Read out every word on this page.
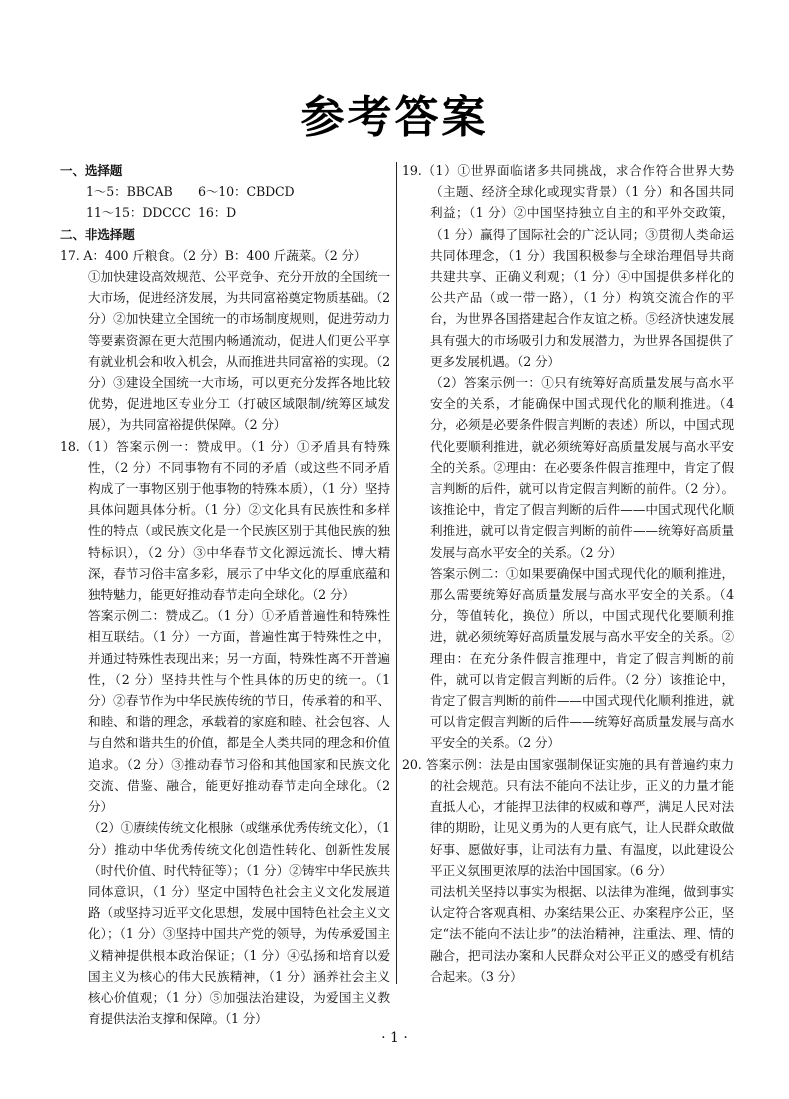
参考答案

一、选择题

1～5：BBCAB	6～10：CBDCD
11～15：DDCCC 16：D

二、非选择题

17. A：400 斤粮食。（2 分）B：400 斤蔬菜。（2 分）

①加快建设高效规范、公平竞争、充分开放的全国统一大市场，促进经济发展，为共同富裕奠定物质基础。（2 分）②加快建立全国统一的市场制度规则，促进劳动力等要素资源在更大范围内畅通流动，促进人们更公平享有就业机会和收入机会，从而推进共同富裕的实现。（2 分）③建设全国统一大市场，可以更充分发挥各地比较优势，促进地区专业分工（打破区域限制/统筹区域发展），为共同富裕提供保障。（2 分）

18.（1）答案示例一：赞成甲。（1 分）①矛盾具有特殊性，（2 分）不同事物有不同的矛盾（或这些不同矛盾构成了一事物区别于他事物的特殊本质），（1 分）坚持具体问题具体分析。（1 分）②文化具有民族性和多样性的特点（或民族文化是一个民族区别于其他民族的独特标识），（2 分）③中华春节文化源远流长、博大精深，春节习俗丰富多彩，展示了中华文化的厚重底蕴和独特魅力，能更好推动春节走向全球化。（2 分）

答案示例二：赞成乙。（1 分）①矛盾普遍性和特殊性相互联结。（1 分）一方面，普遍性寓于特殊性之中，并通过特殊性表现出来；另一方面，特殊性离不开普遍性，（2 分）坚持共性与个性具体的历史的统一。（1 分）②春节作为中华民族传统的节日，传承着的和平、和睦、和谐的理念，承载着的家庭和睦、社会包容、人与自然和谐共生的价值，都是全人类共同的理念和价值追求。（2 分）③推动春节习俗和其他国家和民族文化交流、借鉴、融合，能更好推动春节走向全球化。（2 分）

（2）①赓续传统文化根脉（或继承优秀传统文化），（1 分）推动中华优秀传统文化创造性转化、创新性发展（时代价值、时代特征等）；（1 分）②铸牢中华民族共同体意识，（1 分）坚定中国特色社会主义文化发展道路（或坚持习近平文化思想，发展中国特色社会主义文化）；（1 分）③坚持中国共产党的领导，为传承爱国主义精神提供根本政治保证；（1 分）④弘扬和培育以爱国主义为核心的伟大民族精神，（1 分）涵养社会主义核心价值观；（1 分）⑤加强法治建设，为爱国主义教育提供法治支撑和保障。（1 分）

19.（1）①世界面临诸多共同挑战，求合作符合世界大势（主题、经济全球化或现实背景）（1 分）和各国共同利益；（1 分）②中国坚持独立自主的和平外交政策，（1 分）赢得了国际社会的广泛认同；③贯彻人类命运共同体理念，（1 分）我国积极参与全球治理倡导共商共建共享、正确义利观；（1 分）④中国提供多样化的公共产品（或一带一路），（1 分）构筑交流合作的平台，为世界各国搭建起合作友谊之桥。⑤经济快速发展具有强大的市场吸引力和发展潜力，为世界各国提供了更多发展机遇。（2 分）

（2）答案示例一：①只有统筹好高质量发展与高水平安全的关系，才能确保中国式现代化的顺利推进。（4 分，必须是必要条件假言判断的表述）所以，中国式现代化要顺利推进，就必须统筹好高质量发展与高水平安全的关系。②理由：在必要条件假言推理中，肯定了假言判断的后件，就可以肯定假言判断的前件。（2 分）。该推论中，肯定了假言判断的后件——中国式现代化顺利推进，就可以肯定假言判断的前件——统筹好高质量发展与高水平安全的关系。（2 分）

答案示例二：①如果要确保中国式现代化的顺利推进，那么需要统筹好高质量发展与高水平安全的关系。（4 分，等值转化，换位）所以，中国式现代化要顺利推进，就必须统筹好高质量发展与高水平安全的关系。②理由：在充分条件假言推理中，肯定了假言判断的前件，就可以肯定假言判断的后件。（2 分）该推论中，肯定了假言判断的前件——中国式现代化顺利推进，就可以肯定假言判断的后件——统筹好高质量发展与高水平安全的关系。（2 分）

20. 答案示例：法是由国家强制保证实施的具有普遍约束力的社会规范。只有法不能向不法让步，正义的力量才能直抵人心，才能捍卫法律的权威和尊严，满足人民对法律的期盼，让见义勇为的人更有底气，让人民群众敢做好事、愿做好事，让司法有力量、有温度，以此建设公平正义氛围更浓厚的法治中国国家。（6 分）

司法机关坚持以事实为根据、以法律为准绳，做到事实认定符合客观真相、办案结果公正、办案程序公正，坚定“法不能向不法让步”的法治精神，注重法、理、情的融合，把司法办案和人民群众对公平正义的感受有机结合起来。（3 分）

· 1 ·
